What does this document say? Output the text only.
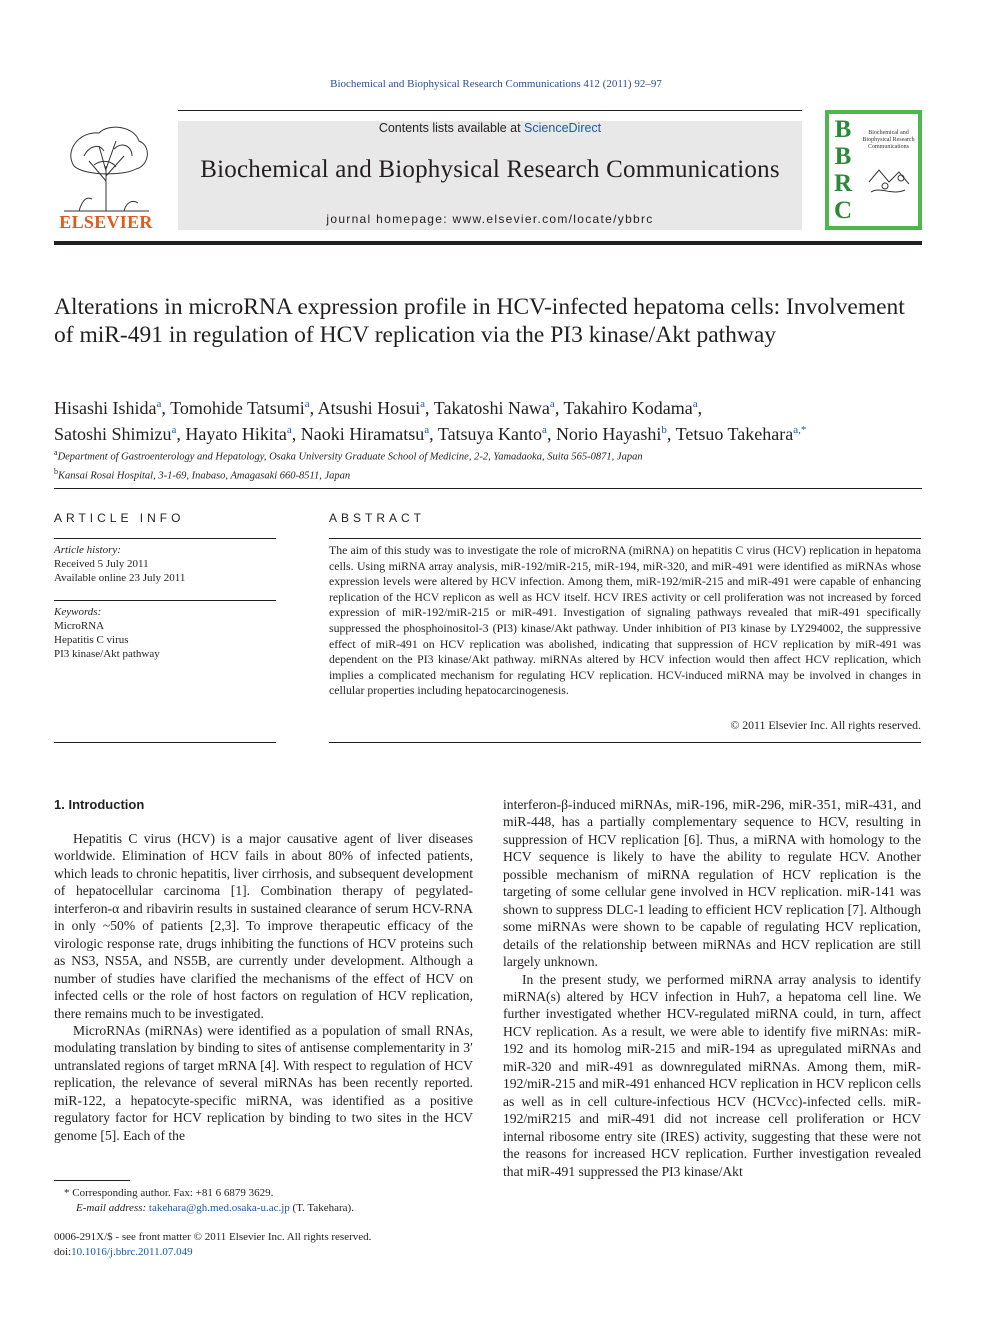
Biochemical and Biophysical Research Communications 412 (2011) 92–97
ELSEVIER
Contents lists available at ScienceDirect
Biochemical and Biophysical Research Communications
journal homepage: www.elsevier.com/locate/ybbrc
B
B
R
C
Biochemical and Biophysical Research Communications
Alterations in microRNA expression profile in HCV-infected hepatoma cells: Involvement of miR-491 in regulation of HCV replication via the PI3 kinase/Akt pathway
Hisashi Ishida$^a$, Tomohide Tatsumi$^a$, Atsushi Hosui$^a$, Takatoshi Nawa$^a$, Takahiro Kodama$^a$,
Satoshi Shimizu$^a$, Hayato Hikita$^a$, Naoki Hiramatsu$^a$, Tatsuya Kanto$^a$, Norio Hayashi$^b$, Tetsuo Takehara$^{a,*}$
$^a$Department of Gastroenterology and Hepatology, Osaka University Graduate School of Medicine, 2-2, Yamadaoka, Suita 565-0871, Japan
$^b$Kansai Rosai Hospital, 3-1-69, Inabaso, Amagasaki 660-8511, Japan
ARTICLE INFO
Article history:
Received 5 July 2011
Available online 23 July 2011
Keywords:
MicroRNA
Hepatitis C virus
PI3 kinase/Akt pathway
ABSTRACT
The aim of this study was to investigate the role of microRNA (miRNA) on hepatitis C virus (HCV) replication in hepatoma cells. Using miRNA array analysis, miR-192/miR-215, miR-194, miR-320, and miR-491 were identified as miRNAs whose expression levels were altered by HCV infection. Among them, miR-192/miR-215 and miR-491 were capable of enhancing replication of the HCV replicon as well as HCV itself. HCV IRES activity or cell proliferation was not increased by forced expression of miR-192/miR-215 or miR-491. Investigation of signaling pathways revealed that miR-491 specifically suppressed the phosphoinositol-3 (PI3) kinase/Akt pathway. Under inhibition of PI3 kinase by LY294002, the suppressive effect of miR-491 on HCV replication was abolished, indicating that suppression of HCV replication by miR-491 was dependent on the PI3 kinase/Akt pathway. miRNAs altered by HCV infection would then affect HCV replication, which implies a complicated mechanism for regulating HCV replication. HCV-induced miRNA may be involved in changes in cellular properties including hepatocarcinogenesis.
© 2011 Elsevier Inc. All rights reserved.
1. Introduction

Hepatitis C virus (HCV) is a major causative agent of liver diseases worldwide. Elimination of HCV fails in about 80% of infected patients, which leads to chronic hepatitis, liver cirrhosis, and subsequent development of hepatocellular carcinoma [1]. Combination therapy of pegylated-interferon-α and ribavirin results in sustained clearance of serum HCV-RNA in only ~50% of patients [2,3]. To improve therapeutic efficacy of the virologic response rate, drugs inhibiting the functions of HCV proteins such as NS3, NS5A, and NS5B, are currently under development. Although a number of studies have clarified the mechanisms of the effect of HCV on infected cells or the role of host factors on regulation of HCV replication, there remains much to be investigated.

MicroRNAs (miRNAs) were identified as a population of small RNAs, modulating translation by binding to sites of antisense complementarity in 3′ untranslated regions of target mRNA [4]. With respect to regulation of HCV replication, the relevance of several miRNAs has been recently reported. miR-122, a hepatocyte-specific miRNA, was identified as a positive regulatory factor for HCV replication by binding to two sites in the HCV genome [5]. Each of the

interferon-β-induced miRNAs, miR-196, miR-296, miR-351, miR-431, and miR-448, has a partially complementary sequence to HCV, resulting in suppression of HCV replication [6]. Thus, a miRNA with homology to the HCV sequence is likely to have the ability to regulate HCV. Another possible mechanism of miRNA regulation of HCV replication is the targeting of some cellular gene involved in HCV replication. miR-141 was shown to suppress DLC-1 leading to efficient HCV replication [7]. Although some miRNAs were shown to be capable of regulating HCV replication, details of the relationship between miRNAs and HCV replication are still largely unknown.

In the present study, we performed miRNA array analysis to identify miRNA(s) altered by HCV infection in Huh7, a hepatoma cell line. We further investigated whether HCV-regulated miRNA could, in turn, affect HCV replication. As a result, we were able to identify five miRNAs: miR-192 and its homolog miR-215 and miR-194 as upregulated miRNAs and miR-320 and miR-491 as downregulated miRNAs. Among them, miR-192/miR-215 and miR-491 enhanced HCV replication in HCV replicon cells as well as in cell culture-infectious HCV (HCVcc)-infected cells. miR-192/miR215 and miR-491 did not increase cell proliferation or HCV internal ribosome entry site (IRES) activity, suggesting that these were not the reasons for increased HCV replication. Further investigation revealed that miR-491 suppressed the PI3 kinase/Akt

* Corresponding author. Fax: +81 6 6879 3629.
E-mail address: takehara@gh.med.osaka-u.ac.jp (T. Takehara).
0006-291X/$ - see front matter © 2011 Elsevier Inc. All rights reserved.
doi:10.1016/j.bbrc.2011.07.049
